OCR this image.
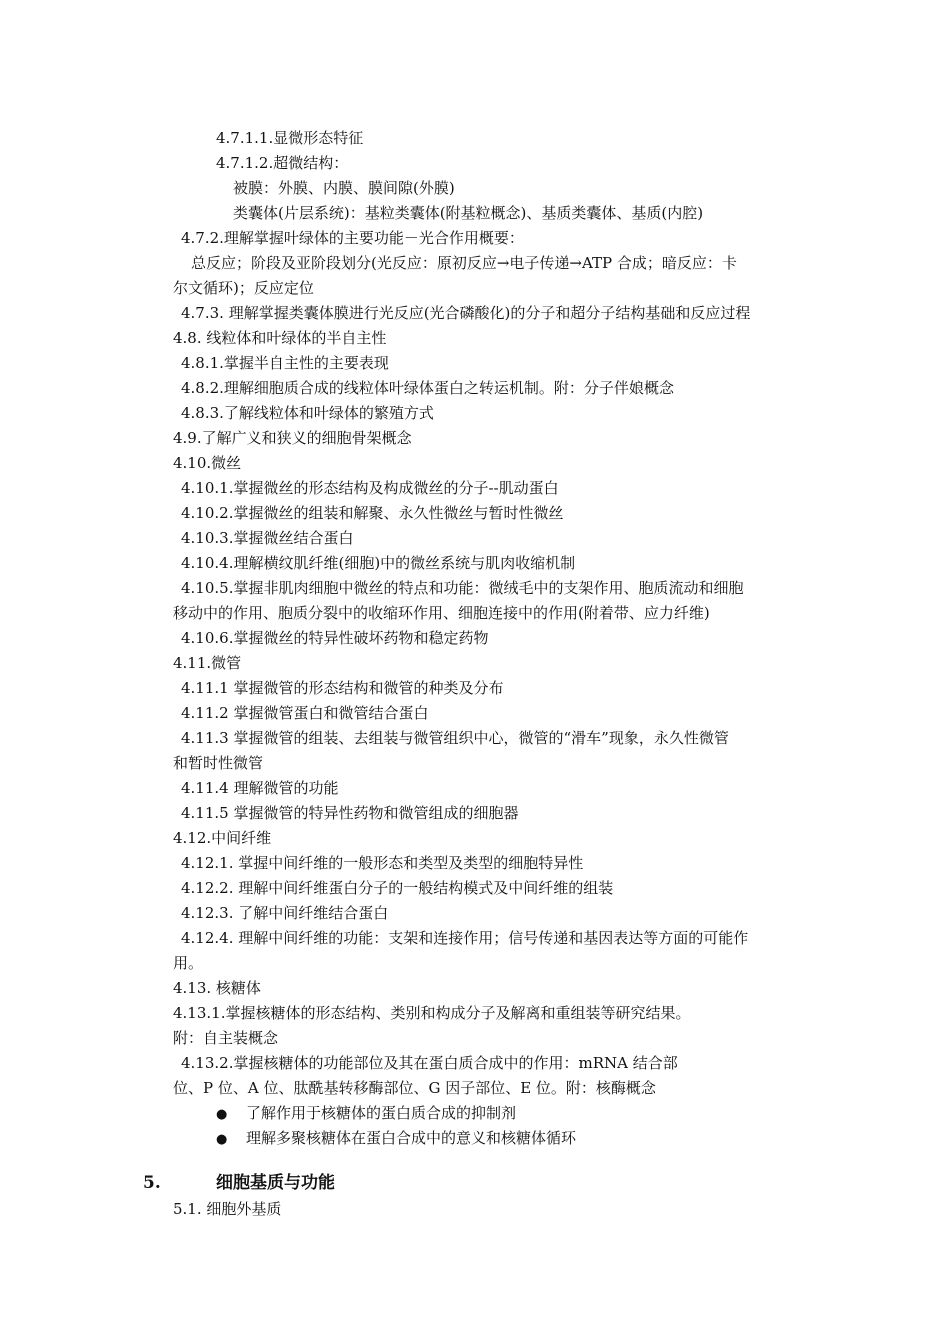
4.7.1.1.显微形态特征
4.7.1.2.超微结构：
被膜：外膜、内膜、膜间隙(外膜)
类囊体(片层系统)：基粒类囊体(附基粒概念)、基质类囊体、基质(内腔)
4.7.2.理解掌握叶绿体的主要功能－光合作用概要：
总反应；阶段及亚阶段划分(光反应：原初反应→电子传递→ATP 合成；暗反应：卡
尔文循环)；反应定位
4.7.3. 理解掌握类囊体膜进行光反应(光合磷酸化)的分子和超分子结构基础和反应过程
4.8. 线粒体和叶绿体的半自主性
4.8.1.掌握半自主性的主要表现
4.8.2.理解细胞质合成的线粒体叶绿体蛋白之转运机制。附：分子伴娘概念
4.8.3.了解线粒体和叶绿体的繁殖方式
4.9.了解广义和狭义的细胞骨架概念
4.10.微丝
4.10.1.掌握微丝的形态结构及构成微丝的分子--肌动蛋白
4.10.2.掌握微丝的组装和解聚、永久性微丝与暂时性微丝
4.10.3.掌握微丝结合蛋白
4.10.4.理解横纹肌纤维(细胞)中的微丝系统与肌肉收缩机制
4.10.5.掌握非肌肉细胞中微丝的特点和功能：微绒毛中的支架作用、胞质流动和细胞
移动中的作用、胞质分裂中的收缩环作用、细胞连接中的作用(附着带、应力纤维)
4.10.6.掌握微丝的特异性破坏药物和稳定药物
4.11.微管
4.11.1 掌握微管的形态结构和微管的种类及分布
4.11.2 掌握微管蛋白和微管结合蛋白
4.11.3 掌握微管的组装、去组装与微管组织中心，微管的“滑车”现象，永久性微管
和暂时性微管
4.11.4 理解微管的功能
4.11.5 掌握微管的特异性药物和微管组成的细胞器
4.12.中间纤维
4.12.1. 掌握中间纤维的一般形态和类型及类型的细胞特异性
4.12.2. 理解中间纤维蛋白分子的一般结构模式及中间纤维的组装
4.12.3. 了解中间纤维结合蛋白
4.12.4. 理解中间纤维的功能：支架和连接作用；信号传递和基因表达等方面的可能作
用。
4.13. 核糖体
4.13.1.掌握核糖体的形态结构、类别和构成分子及解离和重组装等研究结果。
附：自主装概念
4.13.2.掌握核糖体的功能部位及其在蛋白质合成中的作用：mRNA 结合部
位、P 位、A 位、肽酰基转移酶部位、G 因子部位、E 位。附：核酶概念
● 了解作用于核糖体的蛋白质合成的抑制剂
● 理解多聚核糖体在蛋白合成中的意义和核糖体循环
5.	细胞基质与功能
5.1. 细胞外基质
